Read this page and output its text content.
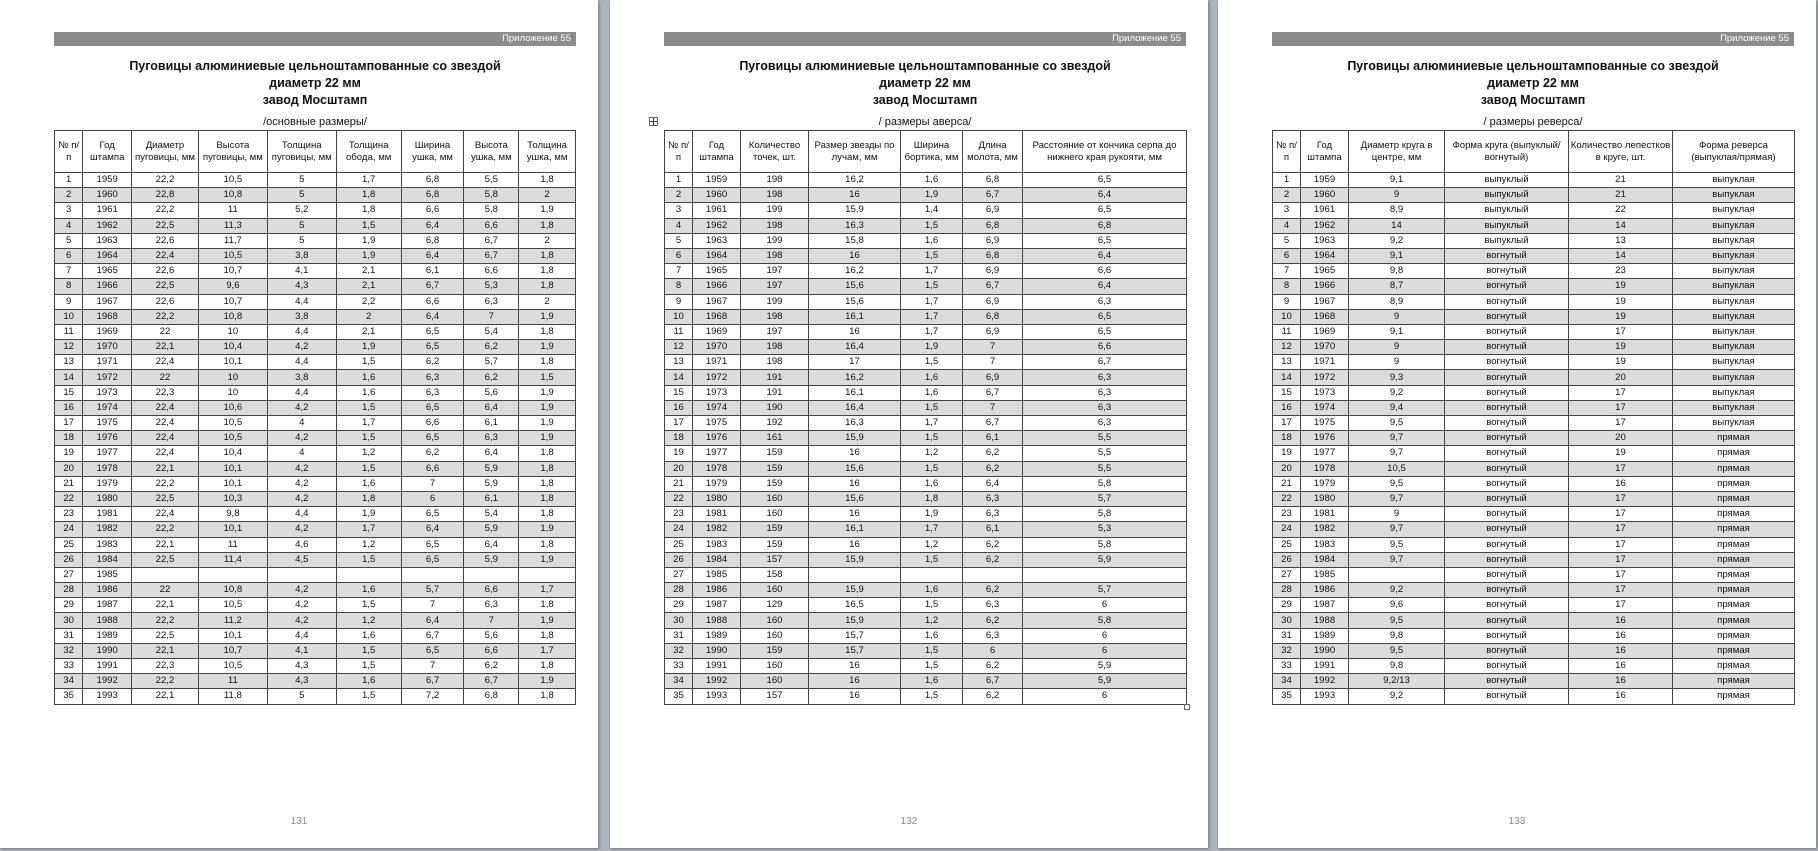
Приложение 55
Пуговицы алюминиевые цельноштампованные со звездой
диаметр 22 мм
завод Мосштамп
/основные размеры/
№ п/п	Год штампа	Диаметр пуговицы, мм	Высота пуговицы, мм	Толщина пуговицы, мм	Толщина обода, мм	Ширина ушка, мм	Высота ушка, мм	Толщина ушка, мм
1	1959	22,2	10,5	5	1,7	6,8	5,5	1,8
2	1960	22,8	10,8	5	1,8	6,8	5,8	2
3	1961	22,2	11	5,2	1,8	6,6	5,8	1,9
4	1962	22,5	11,3	5	1,5	6,4	6,6	1,8
5	1963	22,6	11,7	5	1,9	6,8	6,7	2
6	1964	22,4	10,5	3,8	1,9	6,4	6,7	1,8
7	1965	22,6	10,7	4,1	2,1	6,1	6,6	1,8
8	1966	22,5	9,6	4,3	2,1	6,7	5,3	1,8
9	1967	22,6	10,7	4,4	2,2	6,6	6,3	2
10	1968	22,2	10,8	3,8	2	6,4	7	1,9
11	1969	22	10	4,4	2,1	6,5	5,4	1,8
12	1970	22,1	10,4	4,2	1,9	6,5	6,2	1,9
13	1971	22,4	10,1	4,4	1,5	6,2	5,7	1,8
14	1972	22	10	3,8	1,6	6,3	6,2	1,5
15	1973	22,3	10	4,4	1,6	6,3	5,6	1,9
16	1974	22,4	10,6	4,2	1,5	6,5	6,4	1,9
17	1975	22,4	10,5	4	1,7	6,6	6,1	1,9
18	1976	22,4	10,5	4,2	1,5	6,5	6,3	1,9
19	1977	22,4	10,4	4	1,2	6,2	6,4	1,8
20	1978	22,1	10,1	4,2	1,5	6,6	5,9	1,8
21	1979	22,2	10,1	4,2	1,6	7	5,9	1,8
22	1980	22,5	10,3	4,2	1,8	6	6,1	1,8
23	1981	22,4	9,8	4,4	1,9	6,5	5,4	1,8
24	1982	22,2	10,1	4,2	1,7	6,4	5,9	1,9
25	1983	22,1	11	4,6	1,2	6,5	6,4	1,8
26	1984	22,5	11,4	4,5	1,5	6,5	5,9	1,9
27	1985							
28	1986	22	10,8	4,2	1,6	5,7	6,6	1,7
29	1987	22,1	10,5	4,2	1,5	7	6,3	1,8
30	1988	22,2	11,2	4,2	1,2	6,4	7	1,9
31	1989	22,5	10,1	4,4	1,6	6,7	5,6	1,8
32	1990	22,1	10,7	4,1	1,5	6,5	6,6	1,7
33	1991	22,3	10,5	4,3	1,5	7	6,2	1,8
34	1992	22,2	11	4,3	1,6	6,7	6,7	1,9
35	1993	22,1	11,8	5	1,5	7,2	6,8	1,8
131
Приложение 55
Пуговицы алюминиевые цельноштампованные со звездой
диаметр 22 мм
завод Мосштамп
/ размеры аверса/
№ п/п	Год штампа	Количество точек, шт.	Размер звезды по лучам, мм	Ширина бортика, мм	Длина молота, мм	Расстояние от кончика серпа до нижнего края рукояти, мм
1	1959	198	16,2	1,6	6,8	6,5
2	1960	198	16	1,9	6,7	6,4
3	1961	199	15,9	1,4	6,9	6,5
4	1962	198	16,3	1,5	6,8	6,8
5	1963	199	15,8	1,6	6,9	6,5
6	1964	198	16	1,5	6,8	6,4
7	1965	197	16,2	1,7	6,9	6,6
8	1966	197	15,6	1,5	6,7	6,4
9	1967	199	15,6	1,7	6,9	6,3
10	1968	198	16,1	1,7	6,8	6,5
11	1969	197	16	1,7	6,9	6,5
12	1970	198	16,4	1,9	7	6,6
13	1971	198	17	1,5	7	6,7
14	1972	191	16,2	1,6	6,9	6,3
15	1973	191	16,1	1,6	6,7	6,3
16	1974	190	16,4	1,5	7	6,3
17	1975	192	16,3	1,7	6,7	6,3
18	1976	161	15,9	1,5	6,1	5,5
19	1977	159	16	1,2	6,2	5,5
20	1978	159	15,6	1,5	6,2	5,5
21	1979	159	16	1,6	6,4	5,8
22	1980	160	15,6	1,8	6,3	5,7
23	1981	160	16	1,9	6,3	5,8
24	1982	159	16,1	1,7	6,1	5,3
25	1983	159	16	1,2	6,2	5,8
26	1984	157	15,9	1,5	6,2	5,9
27	1985	158				
28	1986	160	15,9	1,6	6,2	5,7
29	1987	129	16,5	1,5	6,3	6
30	1988	160	15,9	1,2	6,2	5,8
31	1989	160	15,7	1,6	6,3	6
32	1990	159	15,7	1,5	6	6
33	1991	160	16	1,5	6,2	5,9
34	1992	160	16	1,6	6,7	5,9
35	1993	157	16	1,5	6,2	6
132
Приложение 55
Пуговицы алюминиевые цельноштампованные со звездой
диаметр 22 мм
завод Мосштамп
/ размеры реверса/
№ п/п	Год штампа	Диаметр круга в центре, мм	Форма круга (выпуклый/вогнутый)	Количество лепестков в круге, шт.	Форма реверса (выпуклая/прямая)
1	1959	9,1	выпуклый	21	выпуклая
2	1960	9	выпуклый	21	выпуклая
3	1961	8,9	выпуклый	22	выпуклая
4	1962	14	выпуклый	14	выпуклая
5	1963	9,2	выпуклый	13	выпуклая
6	1964	9,1	вогнутый	14	выпуклая
7	1965	9,8	вогнутый	23	выпуклая
8	1966	8,7	вогнутый	19	выпуклая
9	1967	8,9	вогнутый	19	выпуклая
10	1968	9	вогнутый	19	выпуклая
11	1969	9,1	вогнутый	17	выпуклая
12	1970	9	вогнутый	19	выпуклая
13	1971	9	вогнутый	19	выпуклая
14	1972	9,3	вогнутый	20	выпуклая
15	1973	9,2	вогнутый	17	выпуклая
16	1974	9,4	вогнутый	17	выпуклая
17	1975	9,5	вогнутый	17	выпуклая
18	1976	9,7	вогнутый	20	прямая
19	1977	9,7	вогнутый	19	прямая
20	1978	10,5	вогнутый	17	прямая
21	1979	9,5	вогнутый	16	прямая
22	1980	9,7	вогнутый	17	прямая
23	1981	9	вогнутый	17	прямая
24	1982	9,7	вогнутый	17	прямая
25	1983	9,5	вогнутый	17	прямая
26	1984	9,7	вогнутый	17	прямая
27	1985		вогнутый	17	прямая
28	1986	9,2	вогнутый	17	прямая
29	1987	9,6	вогнутый	17	прямая
30	1988	9,5	вогнутый	16	прямая
31	1989	9,8	вогнутый	16	прямая
32	1990	9,5	вогнутый	16	прямая
33	1991	9,8	вогнутый	16	прямая
34	1992	9,2/13	вогнутый	16	прямая
35	1993	9,2	вогнутый	16	прямая
133
